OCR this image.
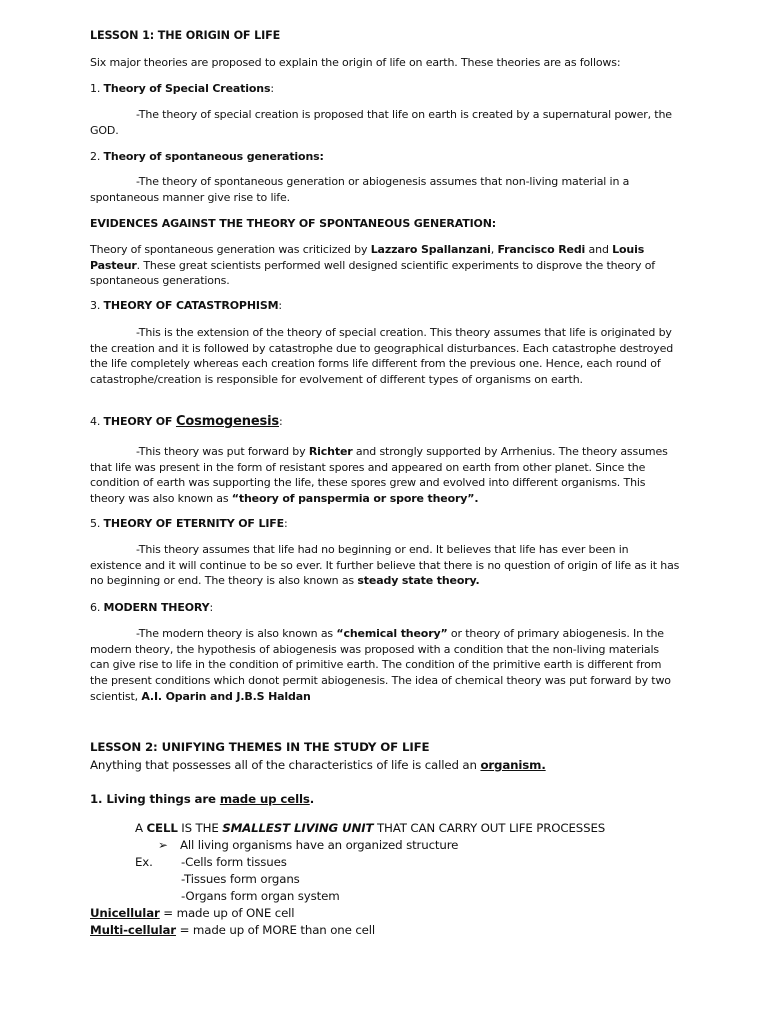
LESSON 1: THE ORIGIN OF LIFE

Six major theories are proposed to explain the origin of life on earth. These theories are as follows:

1. Theory of Special Creations:

-The theory of special creation is proposed that life on earth is created by a supernatural power, the GOD.

2. Theory of spontaneous generations:

-The theory of spontaneous generation or abiogenesis assumes that non-living material in a spontaneous manner give rise to life.

EVIDENCES AGAINST THE THEORY OF SPONTANEOUS GENERATION:

Theory of spontaneous generation was criticized by Lazzaro Spallanzani, Francisco Redi and Louis Pasteur. These great scientists performed well designed scientific experiments to disprove the theory of spontaneous generations.

3. THEORY OF CATASTROPHISM:

-This is the extension of the theory of special creation. This theory assumes that life is originated by the creation and it is followed by catastrophe due to geographical disturbances. Each catastrophe destroyed the life completely whereas each creation forms life different from the previous one. Hence, each round of catastrophe/creation is responsible for evolvement of different types of organisms on earth.

4. THEORY OF Cosmogenesis:

-This theory was put forward by Richter and strongly supported by Arrhenius. The theory assumes that life was present in the form of resistant spores and appeared on earth from other planet. Since the condition of earth was supporting the life, these spores grew and evolved into different organisms. This theory was also known as “theory of panspermia or spore theory”.

5. THEORY OF ETERNITY OF LIFE:

-This theory assumes that life had no beginning or end. It believes that life has ever been in existence and it will continue to be so ever. It further believe that there is no question of origin of life as it has no beginning or end. The theory is also known as steady state theory.

6. MODERN THEORY:

-The modern theory is also known as “chemical theory” or theory of primary abiogenesis. In the modern theory, the hypothesis of abiogenesis was proposed with a condition that the non-living materials can give rise to life in the condition of primitive earth. The condition of the primitive earth is different from the present conditions which donot permit abiogenesis. The idea of chemical theory was put forward by two scientist, A.I. Oparin and J.B.S Haldan

LESSON 2: UNIFYING THEMES IN THE STUDY OF LIFE

Anything that possesses all of the characteristics of life is called an organism.

1. Living things are made up cells.

A CELL IS THE SMALLEST LIVING UNIT THAT CAN CARRY OUT LIFE PROCESSES

➢ All living organisms have an organized structure

Ex. -Cells form tissues

-Tissues form organs

-Organs form organ system

Unicellular = made up of ONE cell

Multi-cellular = made up of MORE than one cell
